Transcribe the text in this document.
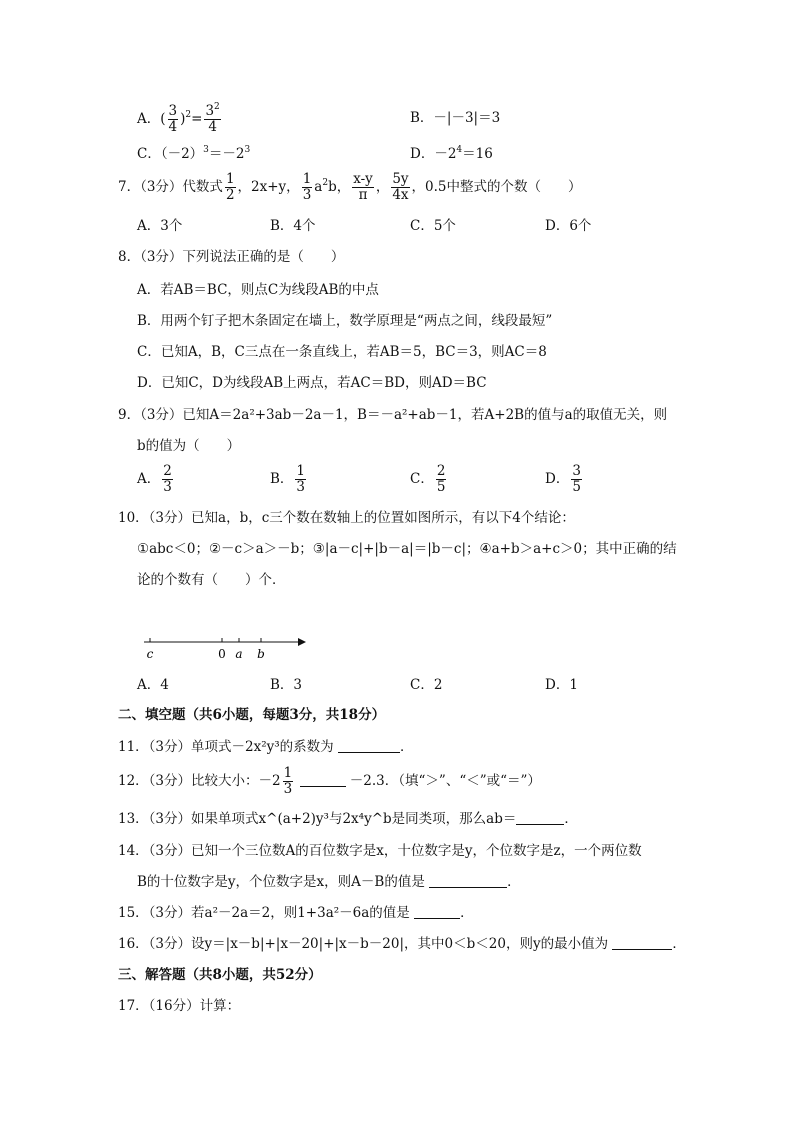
A．( $\frac{3}{4} )^2= \frac{3^2}{4}$	B．－|－3|＝3
C．$(-2)^3=-2^3$	D．$-2^4=16$
7．（3分）代数式 $\frac{1}{2}$ ，2x+y， $\frac{1}{3} a^2b$， $\frac{x-y}{\pi}$ ， $\frac{5y}{4x}$ ，0.5中整式的个数（　　）
A．3个	B．4个	C．5个	D．6个
8．（3分）下列说法正确的是（　　）
A．若AB＝BC，则点C为线段AB的中点
B．用两个钉子把木条固定在墙上，数学原理是“两点之间，线段最短”
C．已知A，B，C三点在一条直线上，若AB＝5，BC＝3，则AC＝8
D．已知C，D为线段AB上两点，若AC＝BD，则AD＝BC
9．（3分）已知A＝2a²+3ab－2a－1，B＝－a²+ab－1，若A+2B的值与a的取值无关，则
b的值为（　　）
A． $\frac{2}{3}$	B． $\frac{1}{3}$	C． $\frac{2}{5}$	D． $\frac{3}{5}$
10．（3分）已知a，b，c三个数在数轴上的位置如图所示，有以下4个结论：
①abc＜0；②－c＞a＞－b；③|a－c|+|b－a|＝|b－c|；④a+b＞a+c＞0；其中正确的结
论的个数有（　　）个．
c	0 a b
A．4	B．3	C．2	D．1
二、填空题（共6小题，每题3分，共18分）
11．（3分）单项式－2x²y³的系数为	．
12．（3分）比较大小：$-2 \frac{1}{3}$	－2.3．（填“＞”、“＜”或“＝”）
13．（3分）如果单项式x^(a+2)y³与2x⁴y^b是同类项，那么ab＝	．
14．（3分）已知一个三位数A的百位数字是x，十位数字是y，个位数字是z，一个两位数
B的十位数字是y，个位数字是x，则A－B的值是	．
15．（3分）若a²－2a＝2，则1+3a²－6a的值是	．
16．（3分）设y＝|x－b|+|x－20|+|x－b－20|，其中0＜b＜20，则y的最小值为	．
三、解答题（共8小题，共52分）
17．（16分）计算：
